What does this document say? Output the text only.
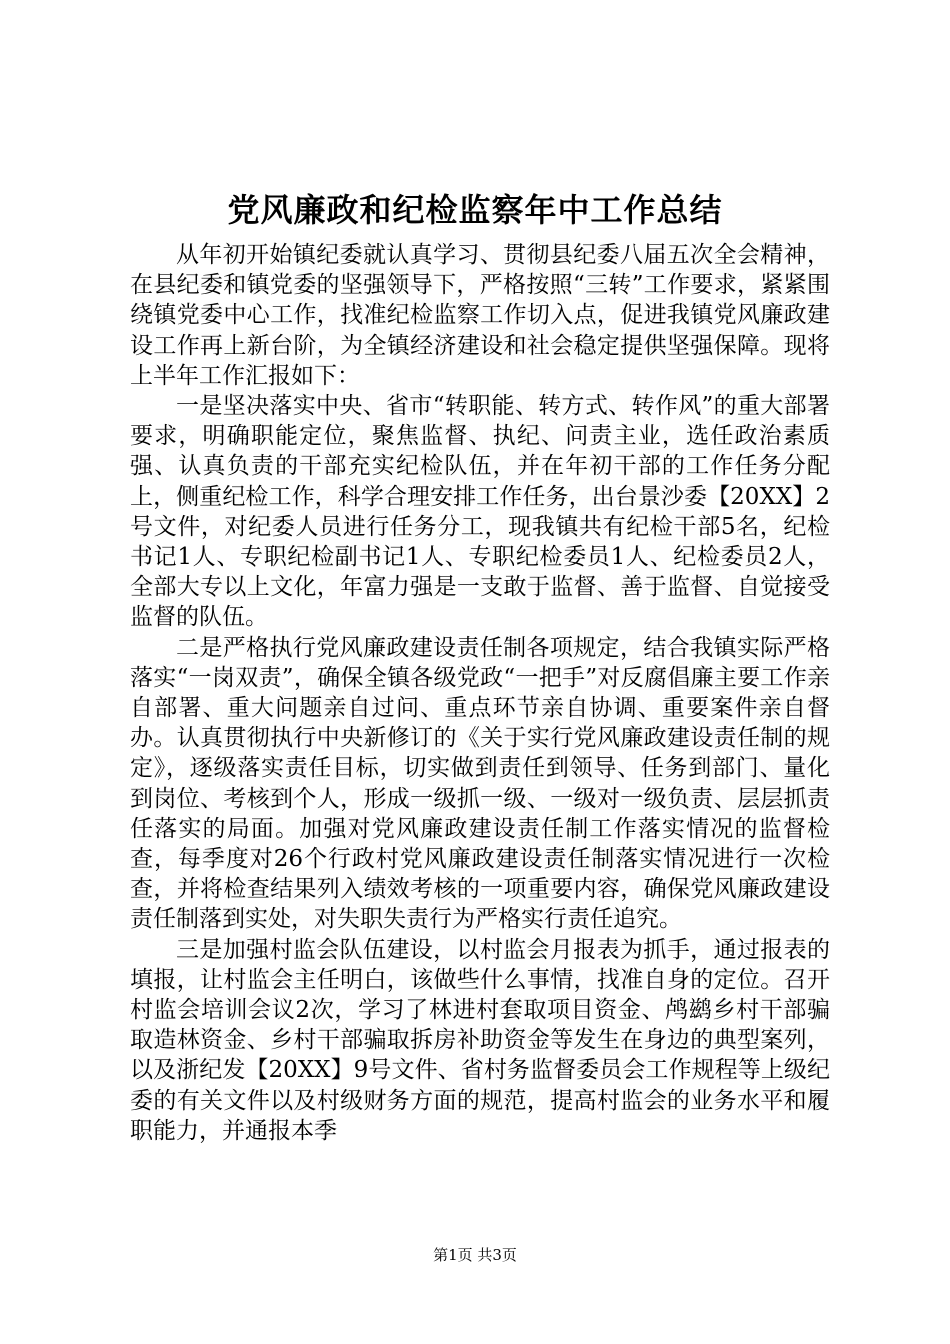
党风廉政和纪检监察年中工作总结

从年初开始镇纪委就认真学习、贯彻县纪委八届五次全会精神，在县纪委和镇党委的坚强领导下，严格按照“三转”工作要求，紧紧围绕镇党委中心工作，找准纪检监察工作切入点，促进我镇党风廉政建设工作再上新台阶，为全镇经济建设和社会稳定提供坚强保障。现将上半年工作汇报如下：

一是坚决落实中央、省市“转职能、转方式、转作风”的重大部署要求，明确职能定位，聚焦监督、执纪、问责主业，选任政治素质强、认真负责的干部充实纪检队伍，并在年初干部的工作任务分配上，侧重纪检工作，科学合理安排工作任务，出台景沙委【20XX】2号文件，对纪委人员进行任务分工，现我镇共有纪检干部5名，纪检书记1人、专职纪检副书记1人、专职纪检委员1人、纪检委员2人，全部大专以上文化，年富力强是一支敢于监督、善于监督、自觉接受监督的队伍。

二是严格执行党风廉政建设责任制各项规定，结合我镇实际严格落实“一岗双责”，确保全镇各级党政“一把手”对反腐倡廉主要工作亲自部署、重大问题亲自过问、重点环节亲自协调、重要案件亲自督办。认真贯彻执行中央新修订的《关于实行党风廉政建设责任制的规定》，逐级落实责任目标，切实做到责任到领导、任务到部门、量化到岗位、考核到个人，形成一级抓一级、一级对一级负责、层层抓责任落实的局面。加强对党风廉政建设责任制工作落实情况的监督检查，每季度对26个行政村党风廉政建设责任制落实情况进行一次检查，并将检查结果列入绩效考核的一项重要内容，确保党风廉政建设责任制落到实处，对失职失责行为严格实行责任追究。

三是加强村监会队伍建设，以村监会月报表为抓手，通过报表的填报，让村监会主任明白，该做些什么事情，找准自身的定位。召开村监会培训会议2次，学习了林进村套取项目资金、鸬鹚乡村干部骗取造林资金、乡村干部骗取拆房补助资金等发生在身边的典型案列，以及浙纪发【20XX】9号文件、省村务监督委员会工作规程等上级纪委的有关文件以及村级财务方面的规范，提高村监会的业务水平和履职能力，并通报本季

第1页 共3页
